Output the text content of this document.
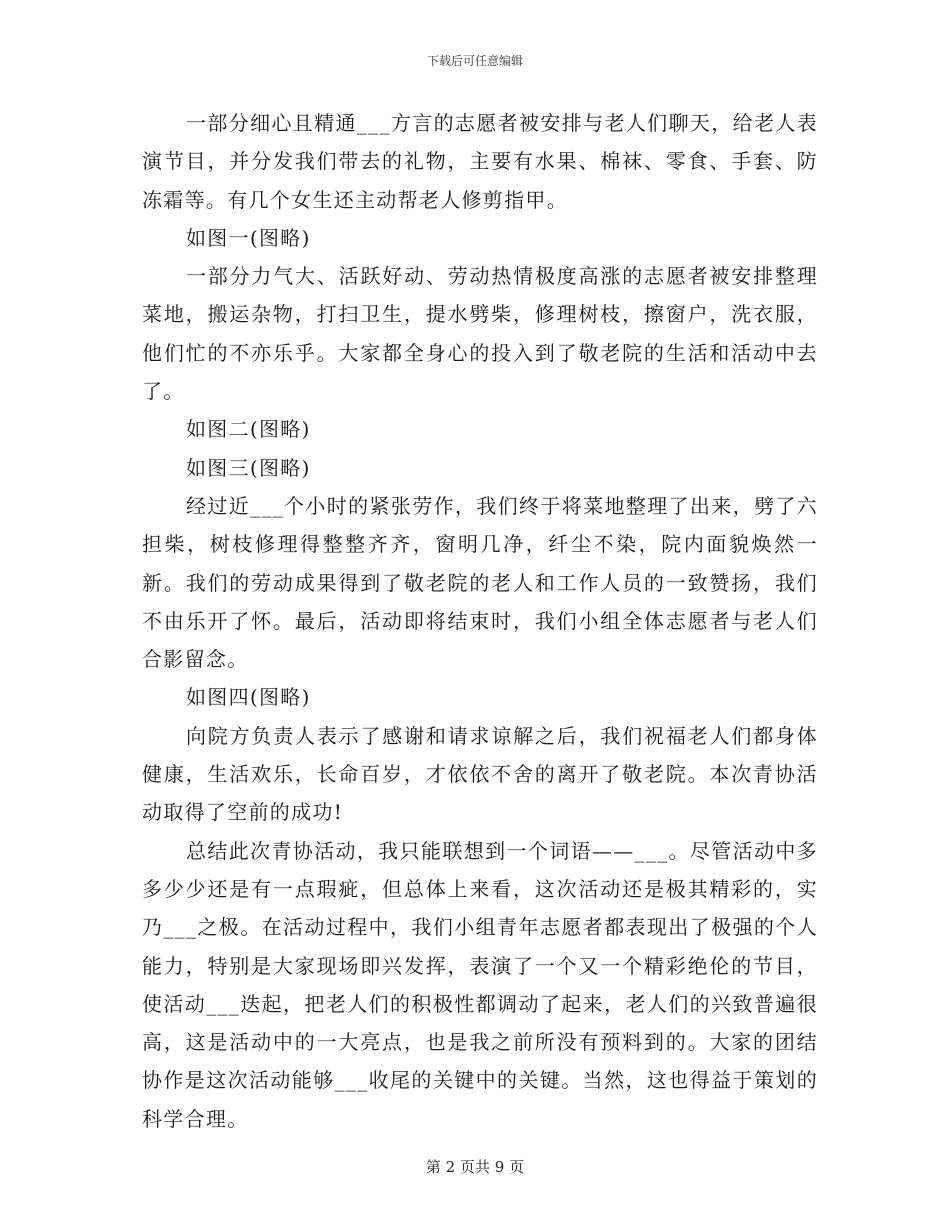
下载后可任意编辑

一部分细心且精通___方言的志愿者被安排与老人们聊天，给老人表演节目，并分发我们带去的礼物，主要有水果、棉袜、零食、手套、防冻霜等。有几个女生还主动帮老人修剪指甲。

如图一(图略)

一部分力气大、活跃好动、劳动热情极度高涨的志愿者被安排整理菜地，搬运杂物，打扫卫生，提水劈柴，修理树枝，擦窗户，洗衣服，他们忙的不亦乐乎。大家都全身心的投入到了敬老院的生活和活动中去了。

如图二(图略)

如图三(图略)

经过近___个小时的紧张劳作，我们终于将菜地整理了出来，劈了六担柴，树枝修理得整整齐齐，窗明几净，纤尘不染，院内面貌焕然一新。我们的劳动成果得到了敬老院的老人和工作人员的一致赞扬，我们不由乐开了怀。最后，活动即将结束时，我们小组全体志愿者与老人们合影留念。

如图四(图略)

向院方负责人表示了感谢和请求谅解之后，我们祝福老人们都身体健康，生活欢乐，长命百岁，才依依不舍的离开了敬老院。本次青协活动取得了空前的成功!

总结此次青协活动，我只能联想到一个词语——___。尽管活动中多多少少还是有一点瑕疵，但总体上来看，这次活动还是极其精彩的，实乃___之极。在活动过程中，我们小组青年志愿者都表现出了极强的个人能力，特别是大家现场即兴发挥，表演了一个又一个精彩绝伦的节目，使活动___迭起，把老人们的积极性都调动了起来，老人们的兴致普遍很高，这是活动中的一大亮点，也是我之前所没有预料到的。大家的团结协作是这次活动能够___收尾的关键中的关键。当然，这也得益于策划的科学合理。

第 2 页共 9 页
